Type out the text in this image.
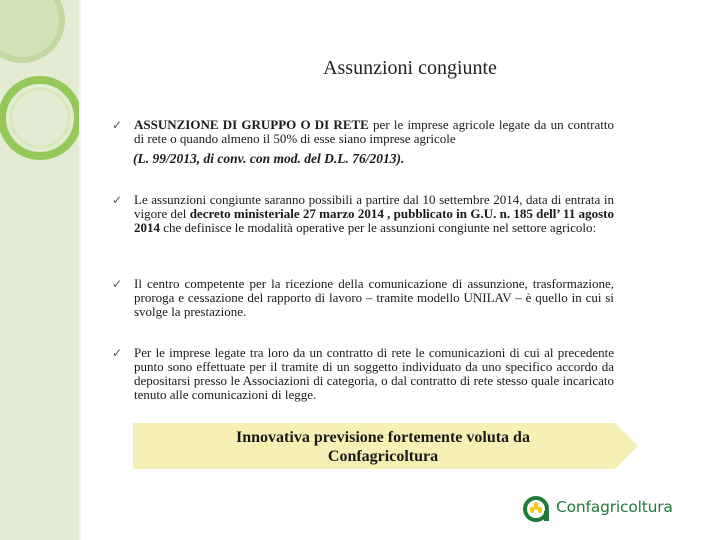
Assunzioni congiunte
✓ ASSUNZIONE DI GRUPPO O DI RETE per le imprese agricole legate da un contratto di rete o quando almeno il 50% di esse siano imprese agricole
(L. 99/2013, di conv. con mod. del D.L. 76/2013).
✓ Le assunzioni congiunte saranno possibili a partire dal 10 settembre 2014, data di entrata in vigore del decreto ministeriale 27 marzo 2014 , pubblicato in G.U. n. 185 dell’ 11 agosto 2014 che definisce le modalità operative per le assunzioni congiunte nel settore agricolo:
✓ Il centro competente per la ricezione della comunicazione di assunzione, trasformazione, proroga e cessazione del rapporto di lavoro – tramite modello UNILAV – è quello in cui si svolge la prestazione.
✓ Per le imprese legate tra loro da un contratto di rete le comunicazioni di cui al precedente punto sono effettuate per il tramite di un soggetto individuato da uno specifico accordo da depositarsi presso le Associazioni di categoria, o dal contratto di rete stesso quale incaricato tenuto alle comunicazioni di legge.
Innovativa previsione fortemente voluta da
Confagricoltura
Confagricoltura
